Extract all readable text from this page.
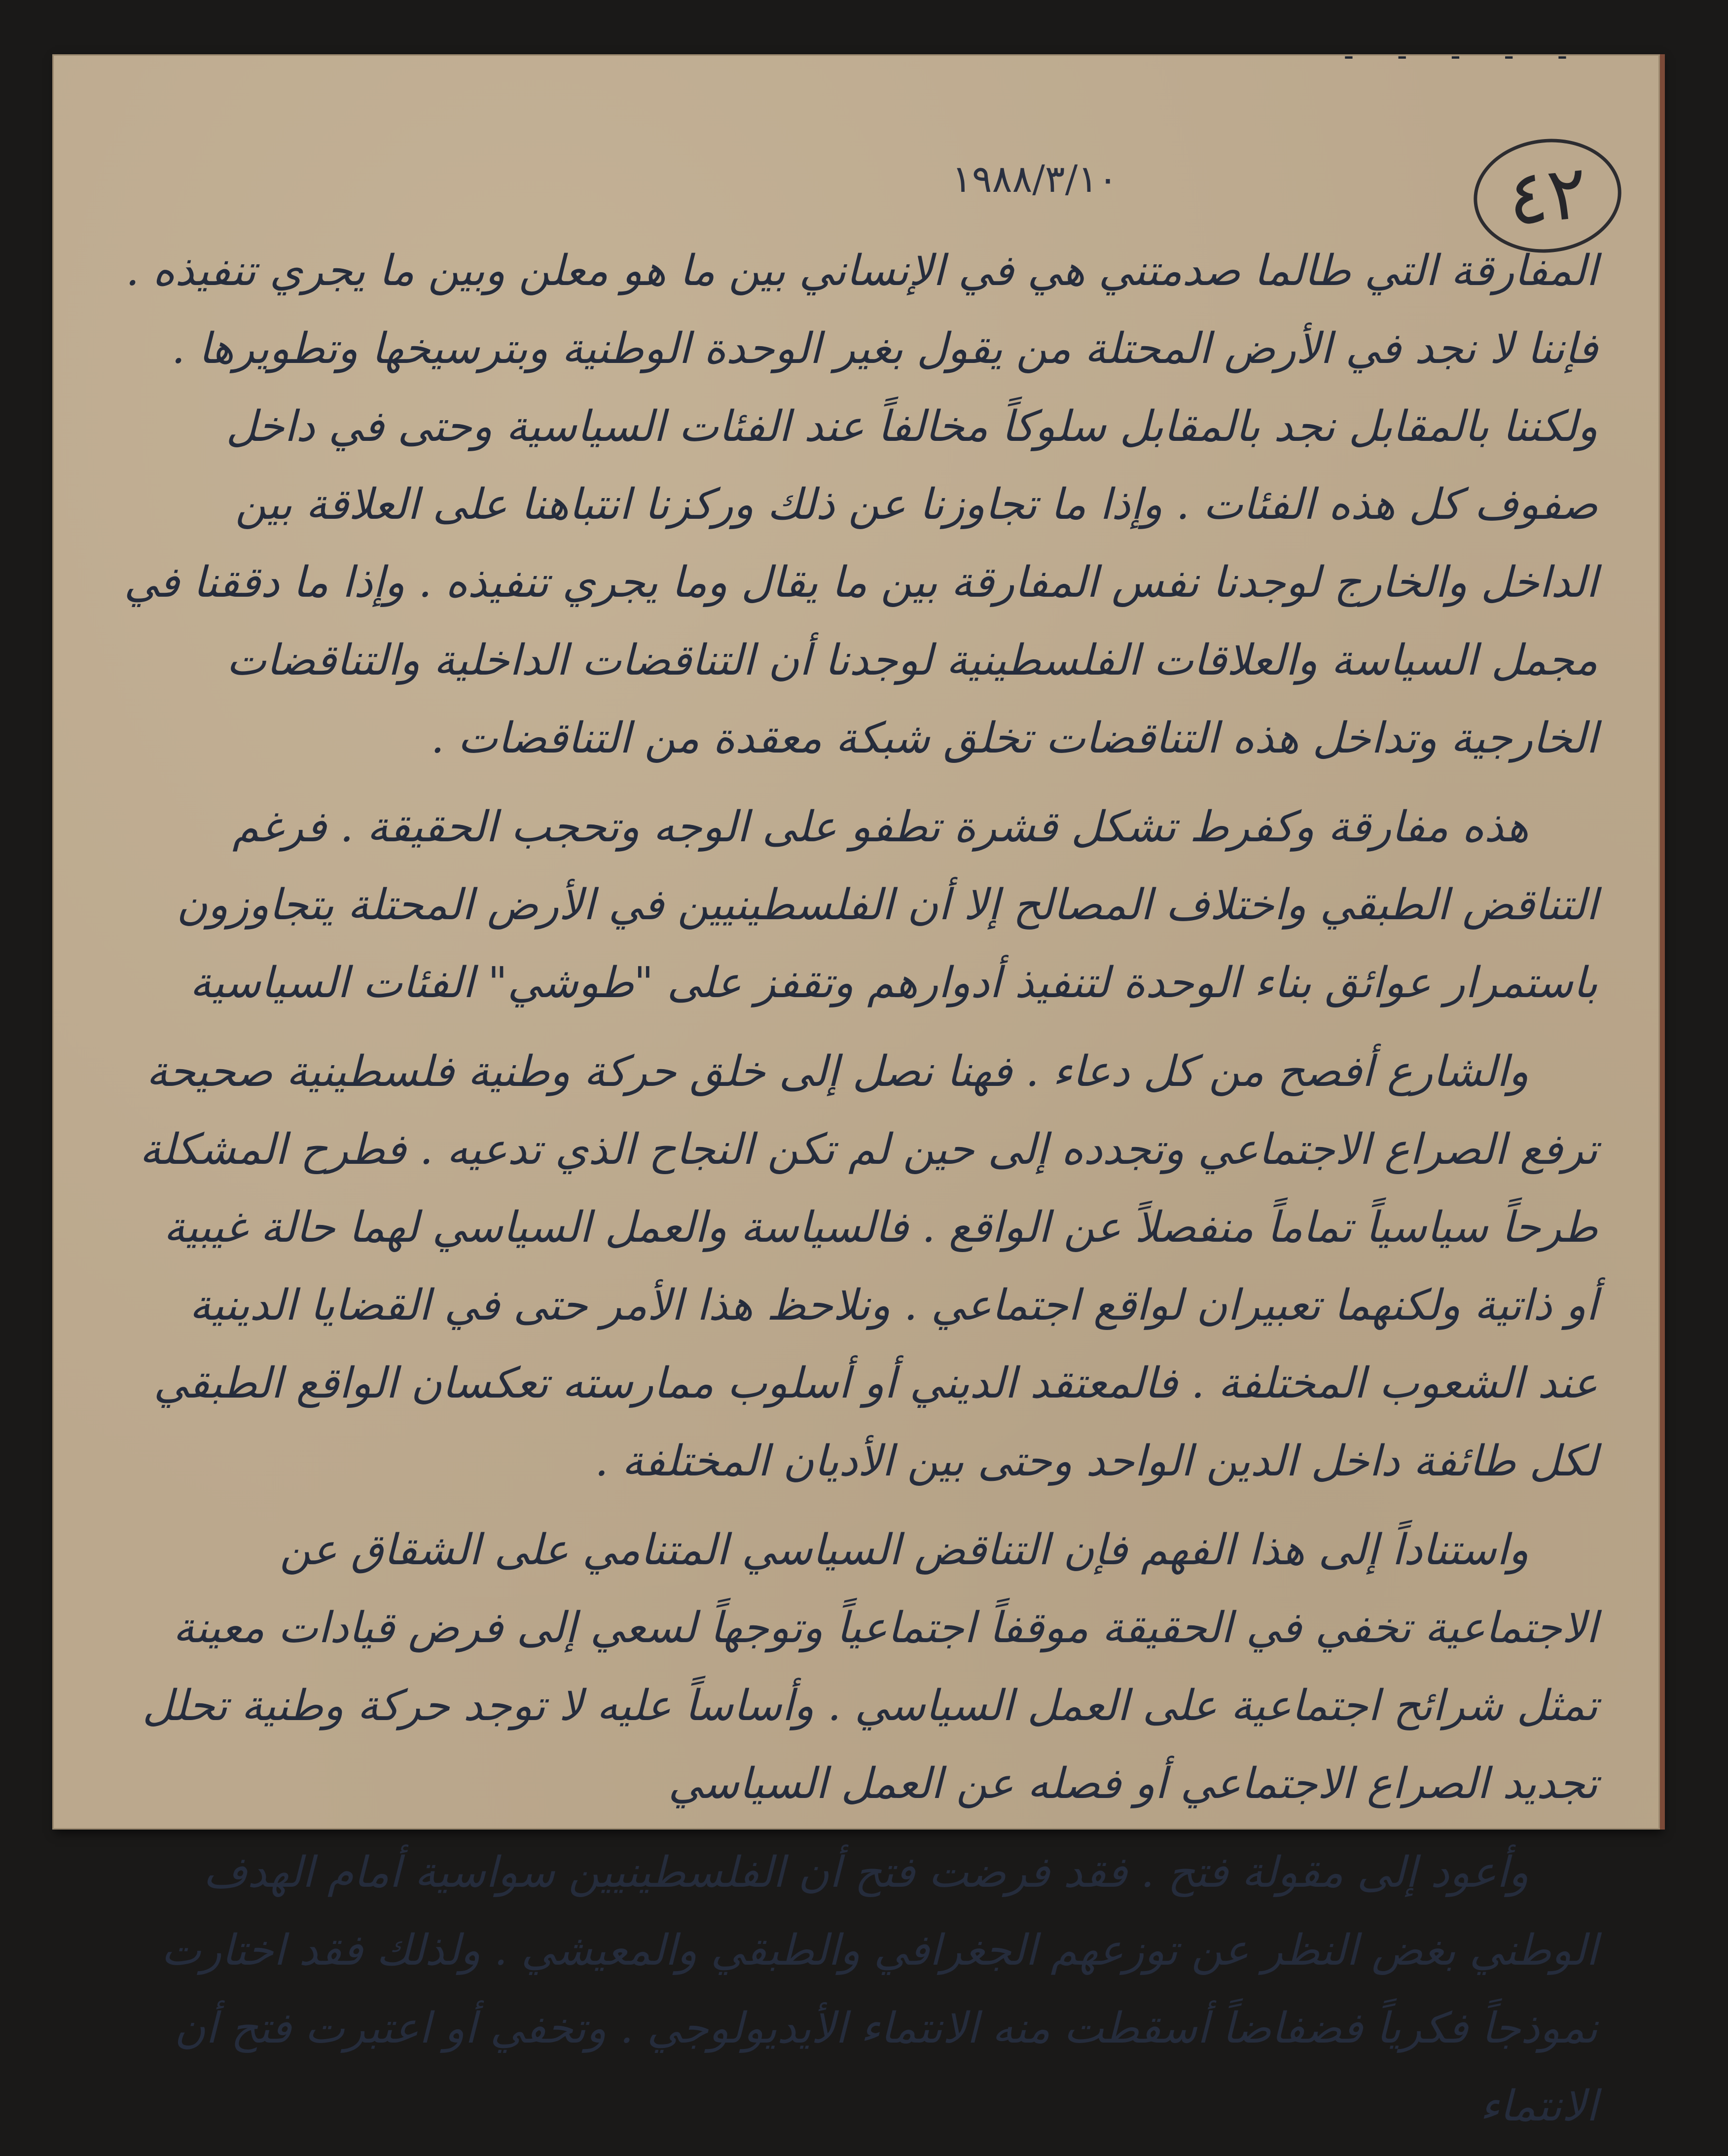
- - - - -
٤٢
١٩٨٨/٣/١٠

المفارقة التي طالما صدمتني هي في الإنساني بين ما هو معلن وبين ما يجري تنفيذه . فإننا لا نجد في الأرض المحتلة من يقول بغير الوحدة الوطنية وبترسيخها وتطويرها . ولكننا بالمقابل نجد بالمقابل سلوكاً مخالفاً عند الفئات السياسية وحتى في داخل صفوف كل هذه الفئات . وإذا ما تجاوزنا عن ذلك وركزنا انتباهنا على العلاقة بين الداخل والخارج لوجدنا نفس المفارقة بين ما يقال وما يجري تنفيذه . وإذا ما دققنا في مجمل السياسة والعلاقات الفلسطينية لوجدنا أن التناقضات الداخلية والتناقضات الخارجية وتداخل هذه التناقضات تخلق شبكة معقدة من التناقضات .

هذه مفارقة وكفرط تشكل قشرة تطفو على الوجه وتحجب الحقيقة . فرغم التناقض الطبقي واختلاف المصالح إلا أن الفلسطينيين في الأرض المحتلة يتجاوزون باستمرار عوائق بناء الوحدة لتنفيذ أدوارهم وتقفز على "طوشي" الفئات السياسية

والشارع أفصح من كل دعاء . فهنا نصل إلى خلق حركة وطنية فلسطينية صحيحة ترفع الصراع الاجتماعي وتجدده إلى حين لم تكن النجاح الذي تدعيه . فطرح المشكلة طرحاً سياسياً تماماً منفصلاً عن الواقع . فالسياسة والعمل السياسي لهما حالة غيبية أو ذاتية ولكنهما تعبيران لواقع اجتماعي . ونلاحظ هذا الأمر حتى في القضايا الدينية عند الشعوب المختلفة . فالمعتقد الديني أو أسلوب ممارسته تعكسان الواقع الطبقي لكل طائفة داخل الدين الواحد وحتى بين الأديان المختلفة .

واستناداً إلى هذا الفهم فإن التناقض السياسي المتنامي على الشقاق عن الاجتماعية تخفي في الحقيقة موقفاً اجتماعياً وتوجهاً لسعي إلى فرض قيادات معينة تمثل شرائح اجتماعية على العمل السياسي . وأساساً عليه لا توجد حركة وطنية تحلل تجديد الصراع الاجتماعي أو فصله عن العمل السياسي

وأعود إلى مقولة فتح . فقد فرضت فتح أن الفلسطينيين سواسية أمام الهدف الوطني بغض النظر عن توزعهم الجغرافي والطبقي والمعيشي . ولذلك فقد اختارت نموذجاً فكرياً فضفاضاً أسقطت منه الانتماء الأيديولوجي . وتخفي أو اعتبرت فتح أن الانتماء
